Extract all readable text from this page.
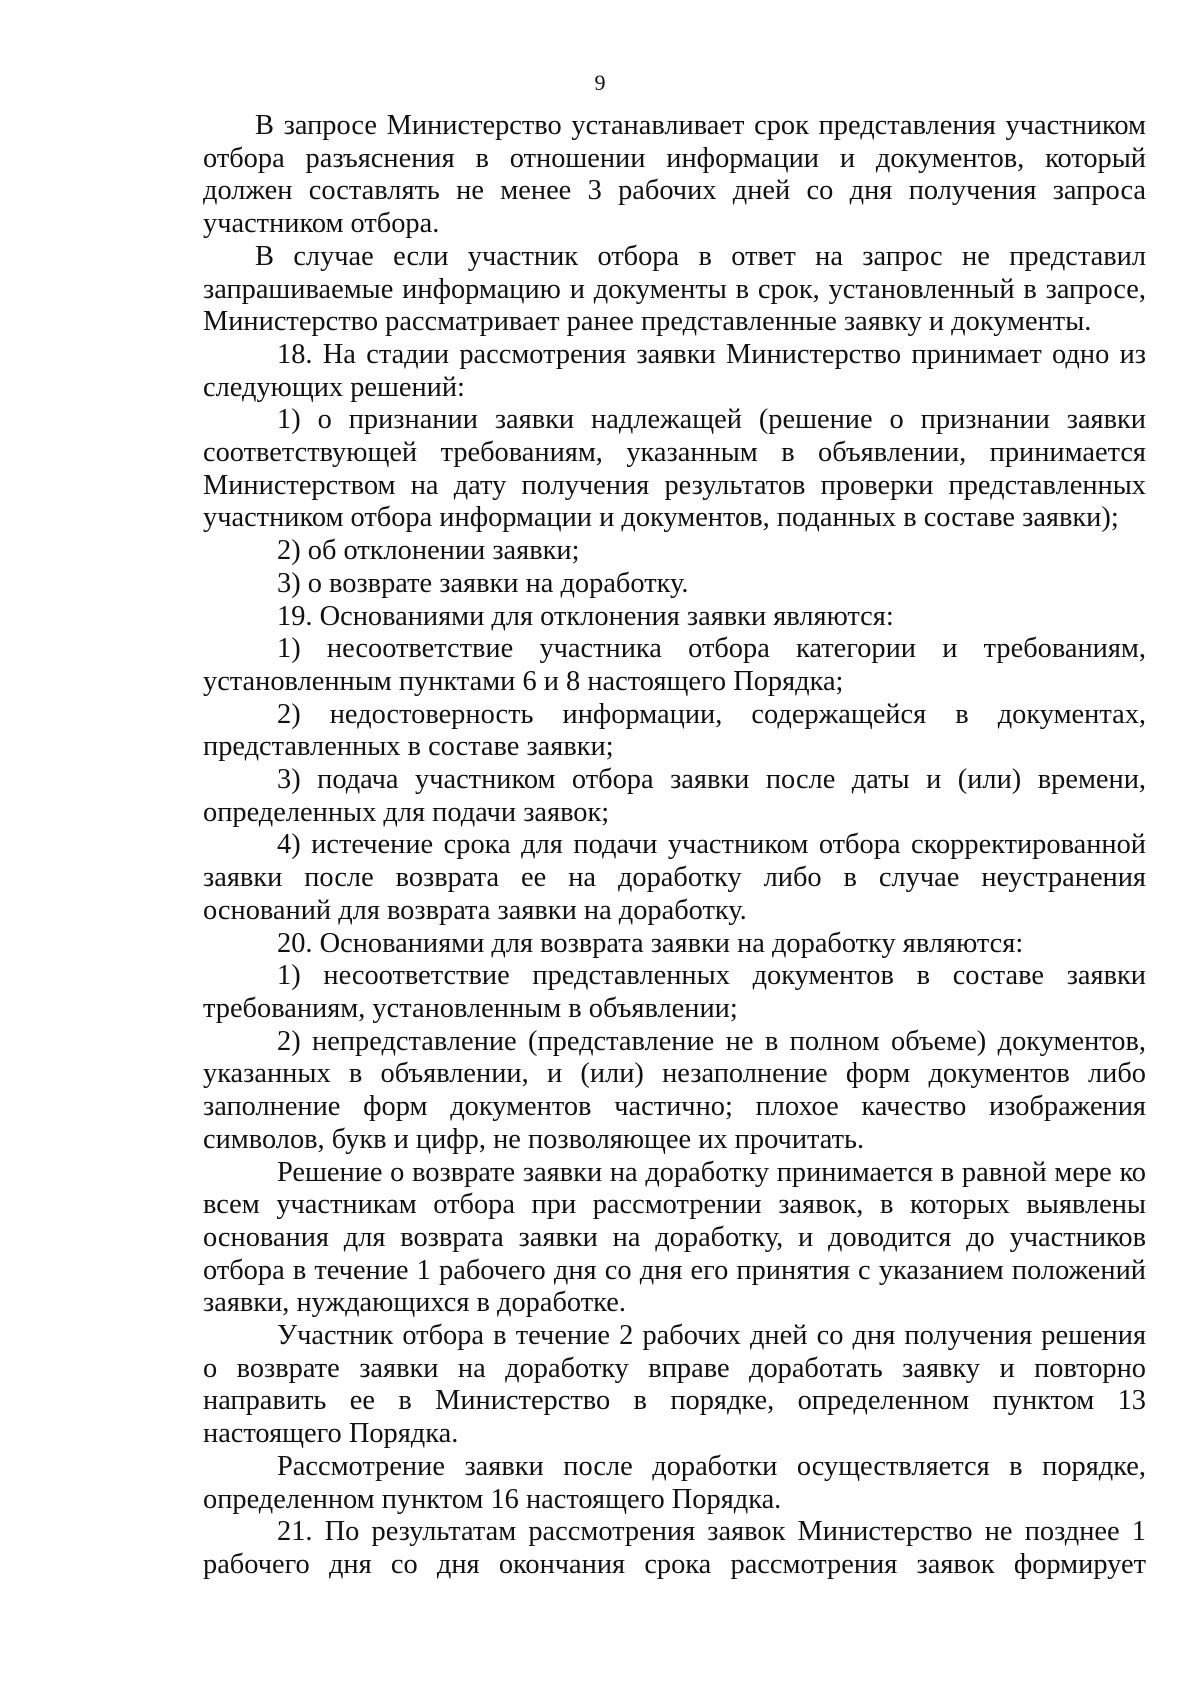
9

В запросе Министерство устанавливает срок представления участником отбора разъяснения в отношении информации и документов, который должен составлять не менее 3 рабочих дней со дня получения запроса участником отбора.

В случае если участник отбора в ответ на запрос не представил запрашиваемые информацию и документы в срок, установленный в запросе, Министерство рассматривает ранее представленные заявку и документы.

18. На стадии рассмотрения заявки Министерство принимает одно из следующих решений:

1) о признании заявки надлежащей (решение о признании заявки соответствующей требованиям, указанным в объявлении, принимается Министерством на дату получения результатов проверки представленных участником отбора информации и документов, поданных в составе заявки);

2) об отклонении заявки;

3) о возврате заявки на доработку.

19. Основаниями для отклонения заявки являются:

1) несоответствие участника отбора категории и требованиям, установленным пунктами 6 и 8 настоящего Порядка;

2) недостоверность информации, содержащейся в документах, представленных в составе заявки;

3) подача участником отбора заявки после даты и (или) времени, определенных для подачи заявок;

4) истечение срока для подачи участником отбора скорректированной заявки после возврата ее на доработку либо в случае неустранения оснований для возврата заявки на доработку.

20. Основаниями для возврата заявки на доработку являются:

1) несоответствие представленных документов в составе заявки требованиям, установленным в объявлении;

2) непредставление (представление не в полном объеме) документов, указанных в объявлении, и (или) незаполнение форм документов либо заполнение форм документов частично; плохое качество изображения символов, букв и цифр, не позволяющее их прочитать.

Решение о возврате заявки на доработку принимается в равной мере ко всем участникам отбора при рассмотрении заявок, в которых выявлены основания для возврата заявки на доработку, и доводится до участников отбора в течение 1 рабочего дня со дня его принятия с указанием положений заявки, нуждающихся в доработке.

Участник отбора в течение 2 рабочих дней со дня получения решения о возврате заявки на доработку вправе доработать заявку и повторно направить ее в Министерство в порядке, определенном пунктом 13 настоящего Порядка.

Рассмотрение заявки после доработки осуществляется в порядке, определенном пунктом 16 настоящего Порядка.

21. По результатам рассмотрения заявок Министерство не позднее 1 рабочего дня со дня окончания срока рассмотрения заявок формирует
